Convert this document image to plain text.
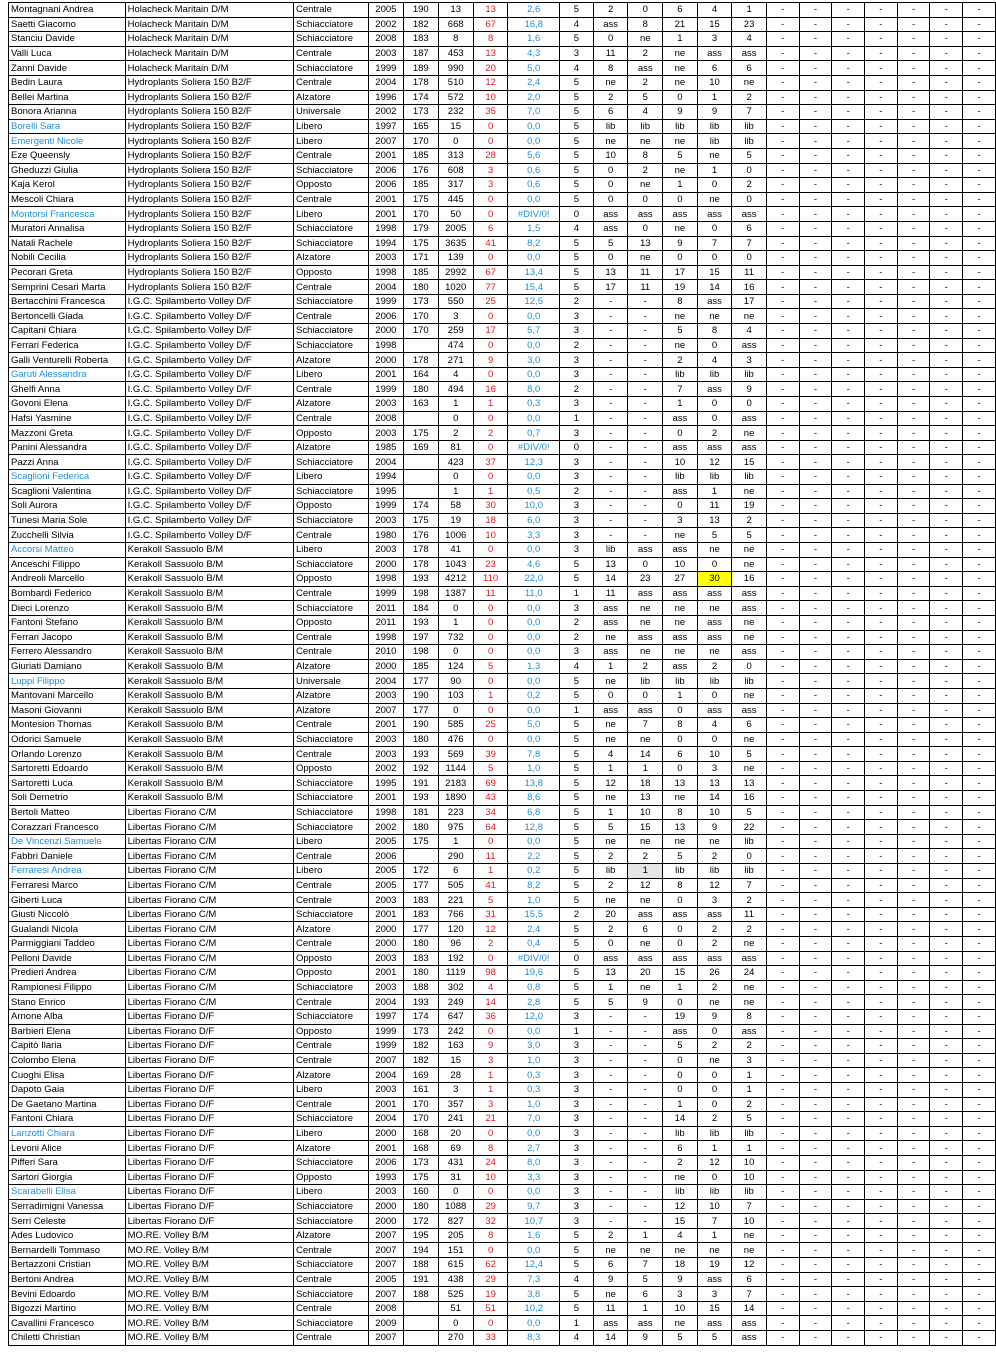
Montagnani Andrea	Holacheck Maritain D/M	Centrale	2005	190	13	13	2,6	5	2	0	6	4	1	-	-	-	-	-	-	-
Saetti Giacomo	Holacheck Maritain D/M	Schiacciatore	2002	182	668	67	16,8	4	ass	8	21	15	23	-	-	-	-	-	-	-
Stanciu Davide	Holacheck Maritain D/M	Schiacciatore	2008	183	8	8	1,6	5	0	ne	1	3	4	-	-	-	-	-	-	-
Valli Luca	Holacheck Maritain D/M	Centrale	2003	187	453	13	4,3	3	11	2	ne	ass	ass	-	-	-	-	-	-	-
Zanni Davide	Holacheck Maritain D/M	Schiacciatore	1999	189	990	20	5,0	4	8	ass	ne	6	6	-	-	-	-	-	-	-
Bedin Laura	Hydroplants Soliera 150 B2/F	Centrale	2004	178	510	12	2,4	5	ne	2	ne	10	ne	-	-	-	-	-	-	-
Bellei Martina	Hydroplants Soliera 150 B2/F	Alzatore	1996	174	572	10	2,0	5	2	5	0	1	2	-	-	-	-	-	-	-
Bonora Arianna	Hydroplants Soliera 150 B2/F	Universale	2002	173	232	35	7,0	5	6	4	9	9	7	-	-	-	-	-	-	-
Borelli Sara	Hydroplants Soliera 150 B2/F	Libero	1997	165	15	0	0,0	5	lib	lib	lib	lib	lib	-	-	-	-	-	-	-
Emergenti Nicole	Hydroplants Soliera 150 B2/F	Libero	2007	170	0	0	0,0	5	ne	ne	ne	lib	lib	-	-	-	-	-	-	-
Eze Queensly	Hydroplants Soliera 150 B2/F	Centrale	2001	185	313	28	5,6	5	10	8	5	ne	5	-	-	-	-	-	-	-
Gheduzzi Giulia	Hydroplants Soliera 150 B2/F	Schiacciatore	2006	176	608	3	0,6	5	0	2	ne	1	0	-	-	-	-	-	-	-
Kaja Kerol	Hydroplants Soliera 150 B2/F	Opposto	2006	185	317	3	0,6	5	0	ne	1	0	2	-	-	-	-	-	-	-
Mescoli Chiara	Hydroplants Soliera 150 B2/F	Centrale	2001	175	445	0	0,0	5	0	0	0	ne	0	-	-	-	-	-	-	-
Montorsi Francesca	Hydroplants Soliera 150 B2/F	Libero	2001	170	50	0	#DIV/0!	0	ass	ass	ass	ass	ass	-	-	-	-	-	-	-
Muratori Annalisa	Hydroplants Soliera 150 B2/F	Schiacciatore	1998	179	2005	6	1,5	4	ass	0	ne	0	6	-	-	-	-	-	-	-
Natali Rachele	Hydroplants Soliera 150 B2/F	Schiacciatore	1994	175	3635	41	8,2	5	5	13	9	7	7	-	-	-	-	-	-	-
Nobili Cecilia	Hydroplants Soliera 150 B2/F	Alzatore	2003	171	139	0	0,0	5	0	ne	0	0	0	-	-	-	-	-	-	-
Pecorari Greta	Hydroplants Soliera 150 B2/F	Opposto	1998	185	2992	67	13,4	5	13	11	17	15	11	-	-	-	-	-	-	-
Semprini Cesari Marta	Hydroplants Soliera 150 B2/F	Centrale	2004	180	1020	77	15,4	5	17	11	19	14	16	-	-	-	-	-	-	-
Bertacchini Francesca	I.G.C. Spilamberto Volley D/F	Schiacciatore	1999	173	550	25	12,5	2	-	-	8	ass	17	-	-	-	-	-	-	-
Bertoncelli Giada	I.G.C. Spilamberto Volley D/F	Centrale	2006	170	3	0	0,0	3	-	-	ne	ne	ne	-	-	-	-	-	-	-
Capitani Chiara	I.G.C. Spilamberto Volley D/F	Schiacciatore	2000	170	259	17	5,7	3	-	-	5	8	4	-	-	-	-	-	-	-
Ferrari Federica	I.G.C. Spilamberto Volley D/F	Schiacciatore	1998		474	0	0,0	2	-	-	ne	0	ass	-	-	-	-	-	-	-
Galli Venturelli Roberta	I.G.C. Spilamberto Volley D/F	Alzatore	2000	178	271	9	3,0	3	-	-	2	4	3	-	-	-	-	-	-	-
Garuti Alessandra	I.G.C. Spilamberto Volley D/F	Libero	2001	164	4	0	0,0	3	-	-	lib	lib	lib	-	-	-	-	-	-	-
Ghelfi Anna	I.G.C. Spilamberto Volley D/F	Centrale	1999	180	494	16	8,0	2	-	-	7	ass	9	-	-	-	-	-	-	-
Govoni Elena	I.G.C. Spilamberto Volley D/F	Alzatore	2003	163	1	1	0,3	3	-	-	1	0	0	-	-	-	-	-	-	-
Hafsi Yasmine	I.G.C. Spilamberto Volley D/F	Centrale	2008		0	0	0,0	1	-	-	ass	0	ass	-	-	-	-	-	-	-
Mazzoni Greta	I.G.C. Spilamberto Volley D/F	Opposto	2003	175	2	2	0,7	3	-	-	0	2	ne	-	-	-	-	-	-	-
Panini Alessandra	I.G.C. Spilamberto Volley D/F	Alzatore	1985	169	81	0	#DIV/0!	0	-	-	ass	ass	ass	-	-	-	-	-	-	-
Pazzi Anna	I.G.C. Spilamberto Volley D/F	Schiacciatore	2004		423	37	12,3	3	-	-	10	12	15	-	-	-	-	-	-	-
Scaglioni Federica	I.G.C. Spilamberto Volley D/F	Libero	1994		0	0	0,0	3	-	-	lib	lib	lib	-	-	-	-	-	-	-
Scaglioni Valentina	I.G.C. Spilamberto Volley D/F	Schiacciatore	1995		1	1	0,5	2	-	-	ass	1	ne	-	-	-	-	-	-	-
Soli Aurora	I.G.C. Spilamberto Volley D/F	Opposto	1999	174	58	30	10,0	3	-	-	0	11	19	-	-	-	-	-	-	-
Tunesi Maria Sole	I.G.C. Spilamberto Volley D/F	Schiacciatore	2003	175	19	18	6,0	3	-	-	3	13	2	-	-	-	-	-	-	-
Zucchelli Silvia	I.G.C. Spilamberto Volley D/F	Centrale	1980	176	1006	10	3,3	3	-	-	ne	5	5	-	-	-	-	-	-	-
Accorsi Matteo	Kerakoll Sassuolo B/M	Libero	2003	178	41	0	0,0	3	lib	ass	ass	ne	ne	-	-	-	-	-	-	-
Anceschi Filippo	Kerakoll Sassuolo B/M	Schiacciatore	2000	178	1043	23	4,6	5	13	0	10	0	ne	-	-	-	-	-	-	-
Andreoli Marcello	Kerakoll Sassuolo B/M	Opposto	1998	193	4212	110	22,0	5	14	23	27	30	16	-	-	-	-	-	-	-
Bombardi Federico	Kerakoll Sassuolo B/M	Centrale	1999	198	1387	11	11,0	1	11	ass	ass	ass	ass	-	-	-	-	-	-	-
Dieci Lorenzo	Kerakoll Sassuolo B/M	Schiacciatore	2011	184	0	0	0,0	3	ass	ne	ne	ne	ass	-	-	-	-	-	-	-
Fantoni Stefano	Kerakoll Sassuolo B/M	Opposto	2011	193	1	0	0,0	2	ass	ne	ne	ass	ne	-	-	-	-	-	-	-
Ferrari Jacopo	Kerakoll Sassuolo B/M	Centrale	1998	197	732	0	0,0	2	ne	ass	ass	ass	ne	-	-	-	-	-	-	-
Ferrero Alessandro	Kerakoll Sassuolo B/M	Centrale	2010	198	0	0	0,0	3	ass	ne	ne	ne	ass	-	-	-	-	-	-	-
Giuriati Damiano	Kerakoll Sassuolo B/M	Alzatore	2000	185	124	5	1,3	4	1	2	ass	2	0	-	-	-	-	-	-	-
Luppi Filippo	Kerakoll Sassuolo B/M	Universale	2004	177	90	0	0,0	5	ne	lib	lib	lib	lib	-	-	-	-	-	-	-
Mantovani Marcello	Kerakoll Sassuolo B/M	Alzatore	2003	190	103	1	0,2	5	0	0	1	0	ne	-	-	-	-	-	-	-
Masoni Giovanni	Kerakoll Sassuolo B/M	Alzatore	2007	177	0	0	0,0	1	ass	ass	0	ass	ass	-	-	-	-	-	-	-
Montesion Thomas	Kerakoll Sassuolo B/M	Centrale	2001	190	585	25	5,0	5	ne	7	8	4	6	-	-	-	-	-	-	-
Odorici Samuele	Kerakoll Sassuolo B/M	Schiacciatore	2003	180	476	0	0,0	5	ne	ne	0	0	ne	-	-	-	-	-	-	-
Orlando Lorenzo	Kerakoll Sassuolo B/M	Centrale	2003	193	569	39	7,8	5	4	14	6	10	5	-	-	-	-	-	-	-
Sartoretti Edoardo	Kerakoll Sassuolo B/M	Opposto	2002	192	1144	5	1,0	5	1	1	0	3	ne	-	-	-	-	-	-	-
Sartoretti Luca	Kerakoll Sassuolo B/M	Schiacciatore	1995	191	2183	69	13,8	5	12	18	13	13	13	-	-	-	-	-	-	-
Soli Demetrio	Kerakoll Sassuolo B/M	Schiacciatore	2001	193	1890	43	8,6	5	ne	13	ne	14	16	-	-	-	-	-	-	-
Bertoli Matteo	Libertas Fiorano C/M	Schiacciatore	1998	181	223	34	6,8	5	1	10	8	10	5	-	-	-	-	-	-	-
Corazzari Francesco	Libertas Fiorano C/M	Schiacciatore	2002	180	975	64	12,8	5	5	15	13	9	22	-	-	-	-	-	-	-
De Vincenzi Samuele	Libertas Fiorano C/M	Libero	2005	175	1	0	0,0	5	ne	ne	ne	ne	lib	-	-	-	-	-	-	-
Fabbri Daniele	Libertas Fiorano C/M	Centrale	2006		290	11	2,2	5	2	2	5	2	0	-	-	-	-	-	-	-
Ferraresi Andrea	Libertas Fiorano C/M	Libero	2005	172	6	1	0,2	5	lib	1	lib	lib	lib	-	-	-	-	-	-	-
Ferraresi Marco	Libertas Fiorano C/M	Centrale	2005	177	505	41	8,2	5	2	12	8	12	7	-	-	-	-	-	-	-
Giberti Luca	Libertas Fiorano C/M	Centrale	2003	183	221	5	1,0	5	ne	ne	0	3	2	-	-	-	-	-	-	-
Giusti Niccolò	Libertas Fiorano C/M	Schiacciatore	2001	183	766	31	15,5	2	20	ass	ass	ass	11	-	-	-	-	-	-	-
Gualandi Nicola	Libertas Fiorano C/M	Alzatore	2000	177	120	12	2,4	5	2	6	0	2	2	-	-	-	-	-	-	-
Parmiggiani Taddeo	Libertas Fiorano C/M	Centrale	2000	180	96	2	0,4	5	0	ne	0	2	ne	-	-	-	-	-	-	-
Pelloni Davide	Libertas Fiorano C/M	Opposto	2003	183	192	0	#DIV/0!	0	ass	ass	ass	ass	ass	-	-	-	-	-	-	-
Predieri Andrea	Libertas Fiorano C/M	Opposto	2001	180	1119	98	19,6	5	13	20	15	26	24	-	-	-	-	-	-	-
Rampionesi Filippo	Libertas Fiorano C/M	Schiacciatore	2003	188	302	4	0,8	5	1	ne	1	2	ne	-	-	-	-	-	-	-
Stano Enrico	Libertas Fiorano C/M	Centrale	2004	193	249	14	2,8	5	5	9	0	ne	ne	-	-	-	-	-	-	-
Arnone Alba	Libertas Fiorano D/F	Schiacciatore	1997	174	647	36	12,0	3	-	-	19	9	8	-	-	-	-	-	-	-
Barbieri Elena	Libertas Fiorano D/F	Opposto	1999	173	242	0	0,0	1	-	-	ass	0	ass	-	-	-	-	-	-	-
Capitò Ilaria	Libertas Fiorano D/F	Centrale	1999	182	163	9	3,0	3	-	-	5	2	2	-	-	-	-	-	-	-
Colombo Elena	Libertas Fiorano D/F	Centrale	2007	182	15	3	1,0	3	-	-	0	ne	3	-	-	-	-	-	-	-
Cuoghi Elisa	Libertas Fiorano D/F	Alzatore	2004	169	28	1	0,3	3	-	-	0	0	1	-	-	-	-	-	-	-
Dapoto Gaia	Libertas Fiorano D/F	Libero	2003	161	3	1	0,3	3	-	-	0	0	1	-	-	-	-	-	-	-
De Gaetano Martina	Libertas Fiorano D/F	Centrale	2001	170	357	3	1,0	3	-	-	1	0	2	-	-	-	-	-	-	-
Fantoni Chiara	Libertas Fiorano D/F	Schiacciatore	2004	170	241	21	7,0	3	-	-	14	2	5	-	-	-	-	-	-	-
Lanzotti Chiara	Libertas Fiorano D/F	Libero	2000	168	20	0	0,0	3	-	-	lib	lib	lib	-	-	-	-	-	-	-
Levoni Alice	Libertas Fiorano D/F	Alzatore	2001	168	69	8	2,7	3	-	-	6	1	1	-	-	-	-	-	-	-
Pifferi Sara	Libertas Fiorano D/F	Schiacciatore	2006	173	431	24	8,0	3	-	-	2	12	10	-	-	-	-	-	-	-
Sartori Giorgia	Libertas Fiorano D/F	Opposto	1993	175	31	10	3,3	3	-	-	ne	0	10	-	-	-	-	-	-	-
Scarabelli Elisa	Libertas Fiorano D/F	Libero	2003	160	0	0	0,0	3	-	-	lib	lib	lib	-	-	-	-	-	-	-
Serradimigni Vanessa	Libertas Fiorano D/F	Schiacciatore	2000	180	1088	29	9,7	3	-	-	12	10	7	-	-	-	-	-	-	-
Serri Celeste	Libertas Fiorano D/F	Schiacciatore	2000	172	827	32	10,7	3	-	-	15	7	10	-	-	-	-	-	-	-
Ades Ludovico	MO.RE. Volley B/M	Alzatore	2007	195	205	8	1,6	5	2	1	4	1	ne	-	-	-	-	-	-	-
Bernardelli Tommaso	MO.RE. Volley B/M	Centrale	2007	194	151	0	0,0	5	ne	ne	ne	ne	ne	-	-	-	-	-	-	-
Bertazzoni Cristian	MO.RE. Volley B/M	Schiacciatore	2007	188	615	62	12,4	5	6	7	18	19	12	-	-	-	-	-	-	-
Bertoni Andrea	MO.RE. Volley B/M	Centrale	2005	191	438	29	7,3	4	9	5	9	ass	6	-	-	-	-	-	-	-
Bevini Edoardo	MO.RE. Volley B/M	Schiacciatore	2007	188	525	19	3,8	5	ne	6	3	3	7	-	-	-	-	-	-	-
Bigozzi Martino	MO.RE. Volley B/M	Centrale	2008		51	51	10,2	5	11	1	10	15	14	-	-	-	-	-	-	-
Cavallini Francesco	MO.RE. Volley B/M	Schiacciatore	2009		0	0	0,0	1	ass	ass	ne	ass	ass	-	-	-	-	-	-	-
Chiletti Christian	MO.RE. Volley B/M	Centrale	2007		270	33	8,3	4	14	9	5	5	ass	-	-	-	-	-	-	-
